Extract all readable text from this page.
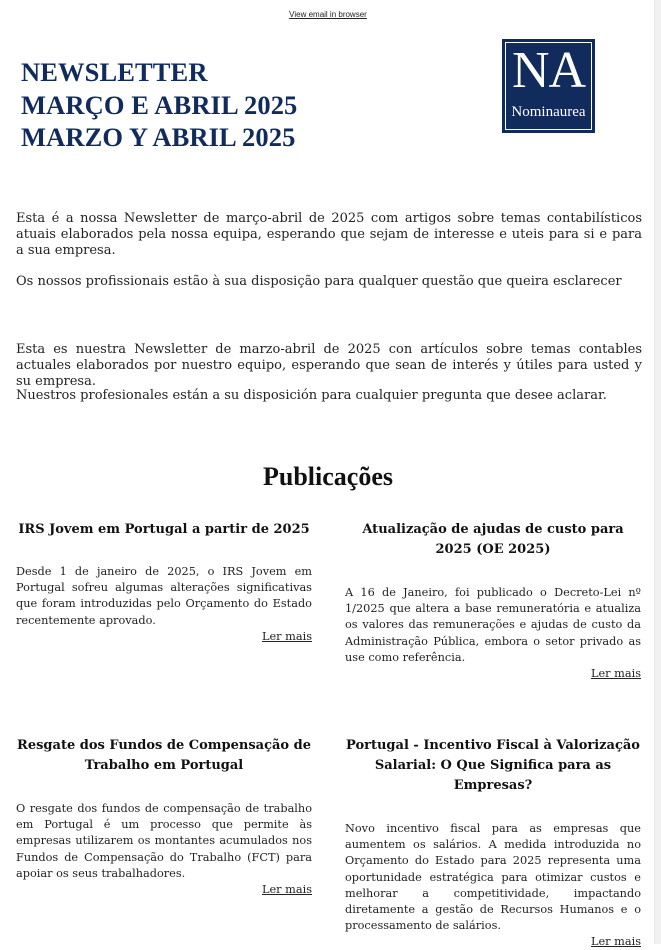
View email in browser
NEWSLETTER
MARÇO E ABRIL 2025
MARZO Y ABRIL 2025
NA
Nominaurea

Esta é a nossa Newsletter de março-abril de 2025 com artigos sobre temas contabilísticos atuais elaborados pela nossa equipa, esperando que sejam de interesse e uteis para si e para a sua empresa.

Os nossos profissionais estão à sua disposição para qualquer questão que queira esclarecer

Esta es nuestra Newsletter de marzo-abril de 2025 con artículos sobre temas contables actuales elaborados por nuestro equipo, esperando que sean de interés y útiles para usted y su empresa.

Nuestros profesionales están a su disposición para cualquier pregunta que desee aclarar.

Publicações
IRS Jovem em Portugal a partir de 2025
Desde 1 de janeiro de 2025, o IRS Jovem em Portugal sofreu algumas alterações significativas que foram introduzidas pelo Orçamento do Estado recentemente aprovado.
Ler mais
Atualização de ajudas de custo para 2025 (OE 2025)
A 16 de Janeiro, foi publicado o Decreto-Lei nº 1/2025 que altera a base remuneratória e atualiza os valores das remunerações e ajudas de custo da Administração Pública, embora o setor privado as use como referência.
Ler mais
Resgate dos Fundos de Compensação de Trabalho em Portugal
O resgate dos fundos de compensação de trabalho em Portugal é um processo que permite às empresas utilizarem os montantes acumulados nos Fundos de Compensação do Trabalho (FCT) para apoiar os seus trabalhadores.
Ler mais
Portugal - Incentivo Fiscal à Valorização Salarial: O Que Significa para as Empresas?
Novo incentivo fiscal para as empresas que aumentem os salários. A medida introduzida no Orçamento do Estado para 2025 representa uma oportunidade estratégica para otimizar custos e melhorar a competitividade, impactando diretamente a gestão de Recursos Humanos e o processamento de salários.
Ler mais
